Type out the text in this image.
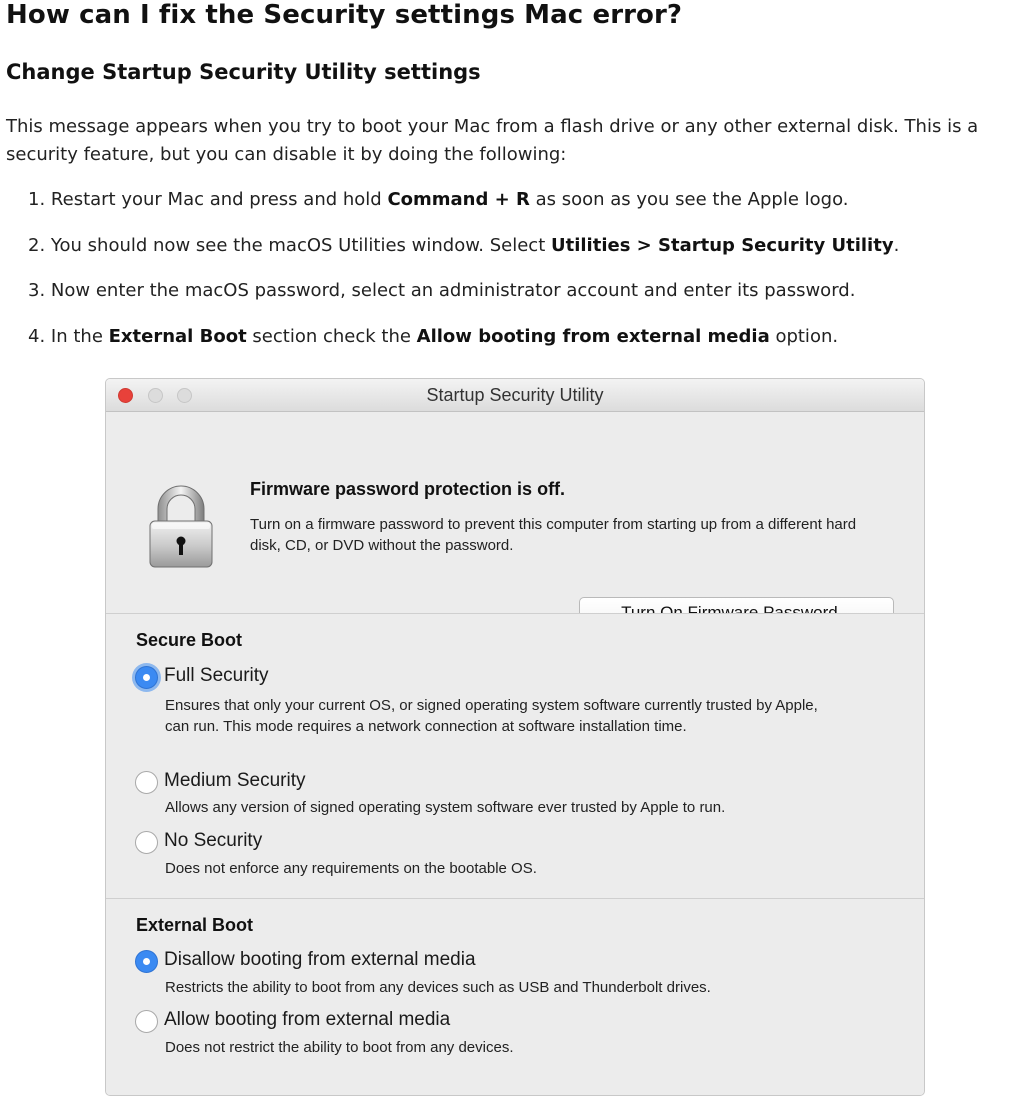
How can I fix the Security settings Mac error?
Change Startup Security Utility settings

This message appears when you try to boot your Mac from a flash drive or any other external disk. This is a security feature, but you can disable it by doing the following:

1. Restart your Mac and press and hold Command + R as soon as you see the Apple logo.
2. You should now see the macOS Utilities window. Select Utilities > Startup Security Utility.
3. Now enter the macOS password, select an administrator account and enter its password.
4. In the External Boot section check the Allow booting from external media option.
Startup Security Utility
Firmware password protection is off.
Turn on a firmware password to prevent this computer from starting up from a different hard disk, CD, or DVD without the password.
Secure Boot
Full Security
Ensures that only your current OS, or signed operating system software currently trusted by Apple, can run. This mode requires a network connection at software installation time.
Medium Security
Allows any version of signed operating system software ever trusted by Apple to run.
No Security
Does not enforce any requirements on the bootable OS.
External Boot
Disallow booting from external media
Restricts the ability to boot from any devices such as USB and Thunderbolt drives.
Allow booting from external media
Does not restrict the ability to boot from any devices.
